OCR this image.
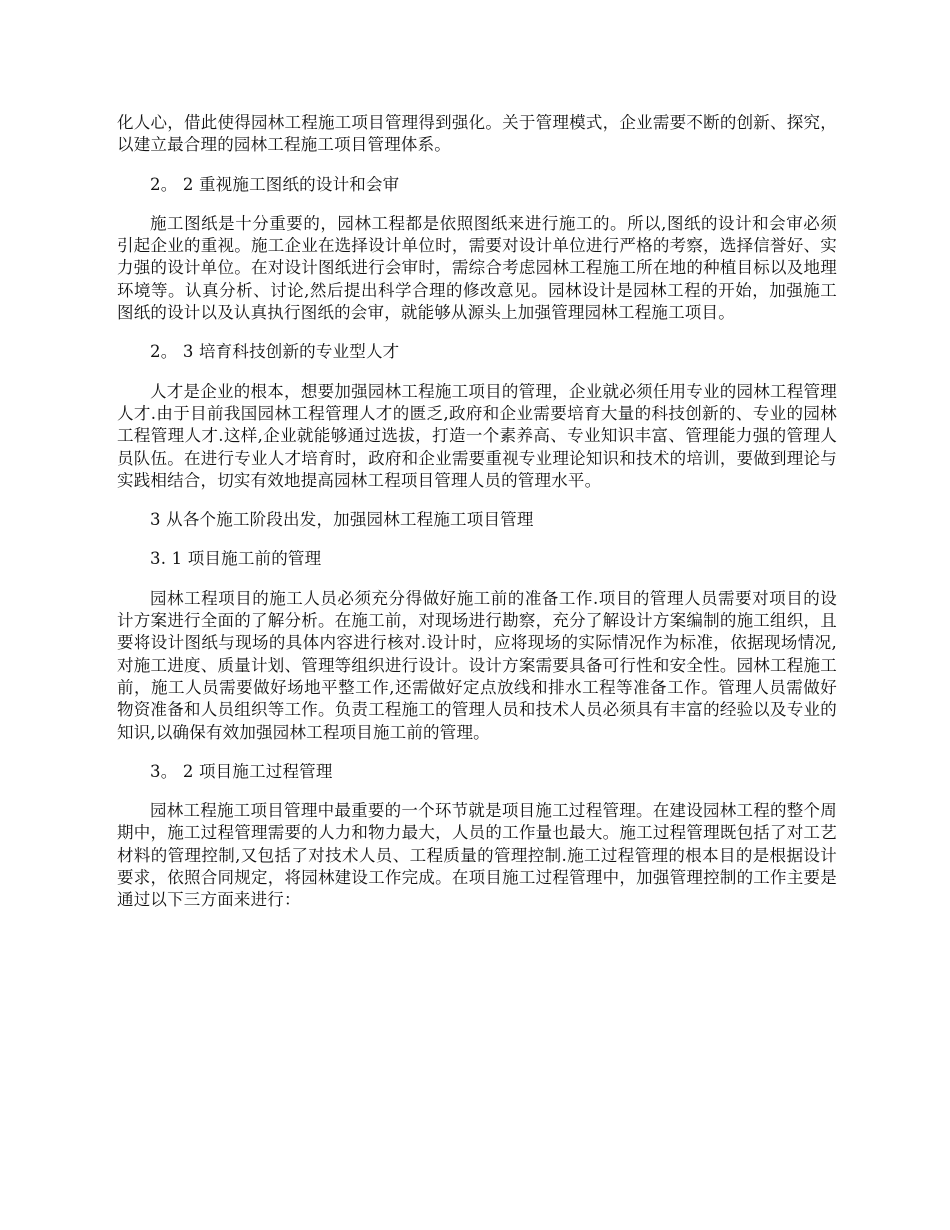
化人心，借此使得园林工程施工项目管理得到强化。关于管理模式，企业需要不断的创新、探究，以建立最合理的园林工程施工项目管理体系。

2。 2 重视施工图纸的设计和会审

施工图纸是十分重要的，园林工程都是依照图纸来进行施工的。所以,图纸的设计和会审必须引起企业的重视。施工企业在选择设计单位时，需要对设计单位进行严格的考察，选择信誉好、实力强的设计单位。在对设计图纸进行会审时，需综合考虑园林工程施工所在地的种植目标以及地理环境等。认真分析、讨论,然后提出科学合理的修改意见。园林设计是园林工程的开始，加强施工图纸的设计以及认真执行图纸的会审，就能够从源头上加强管理园林工程施工项目。

2。 3 培育科技创新的专业型人才

人才是企业的根本，想要加强园林工程施工项目的管理，企业就必须任用专业的园林工程管理人才.由于目前我国园林工程管理人才的匮乏,政府和企业需要培育大量的科技创新的、专业的园林工程管理人才.这样,企业就能够通过选拔，打造一个素养高、专业知识丰富、管理能力强的管理人员队伍。在进行专业人才培育时，政府和企业需要重视专业理论知识和技术的培训，要做到理论与实践相结合，切实有效地提高园林工程项目管理人员的管理水平。

3 从各个施工阶段出发，加强园林工程施工项目管理

3. 1 项目施工前的管理

园林工程项目的施工人员必须充分得做好施工前的准备工作.项目的管理人员需要对项目的设计方案进行全面的了解分析。在施工前，对现场进行勘察，充分了解设计方案编制的施工组织，且要将设计图纸与现场的具体内容进行核对.设计时，应将现场的实际情况作为标准，依据现场情况,对施工进度、质量计划、管理等组织进行设计。设计方案需要具备可行性和安全性。园林工程施工前，施工人员需要做好场地平整工作,还需做好定点放线和排水工程等准备工作。管理人员需做好物资准备和人员组织等工作。负责工程施工的管理人员和技术人员必须具有丰富的经验以及专业的知识,以确保有效加强园林工程项目施工前的管理。

3。 2 项目施工过程管理

园林工程施工项目管理中最重要的一个环节就是项目施工过程管理。在建设园林工程的整个周期中，施工过程管理需要的人力和物力最大，人员的工作量也最大。施工过程管理既包括了对工艺材料的管理控制,又包括了对技术人员、工程质量的管理控制.施工过程管理的根本目的是根据设计要求，依照合同规定，将园林建设工作完成。在项目施工过程管理中，加强管理控制的工作主要是通过以下三方面来进行：
